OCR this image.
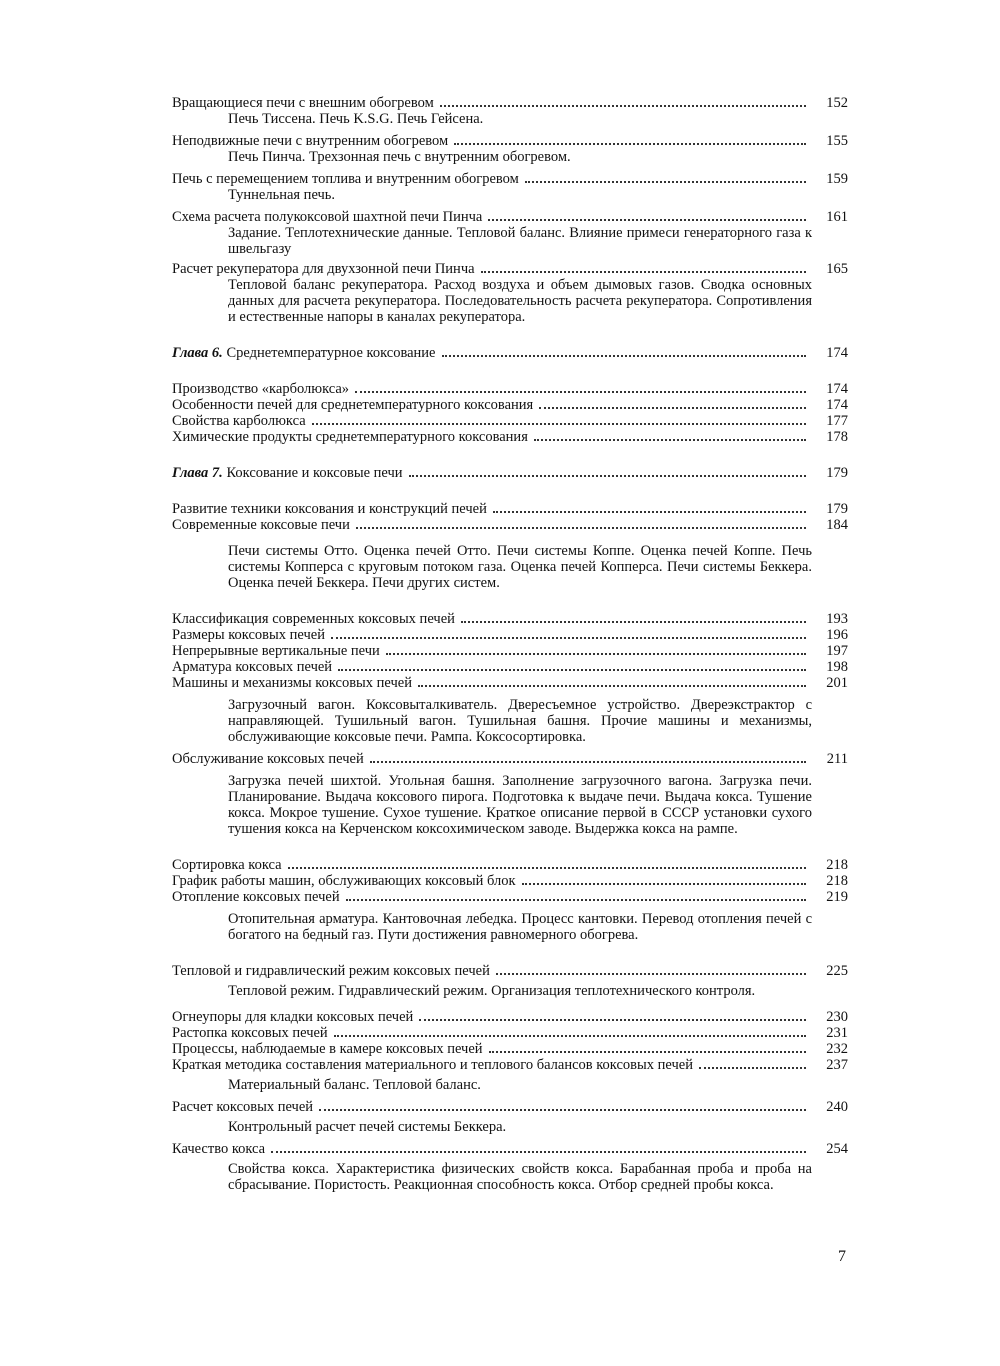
Вращающиеся печи с внешним обогревом	152
Печь Тиссена. Печь K.S.G. Печь Гейсена.
Неподвижные печи с внутренним обогревом	155
Печь Пинча. Трехзонная печь с внутренним обогревом.
Печь с перемещением топлива и внутренним обогревом	159
Туннельная печь.
Схема расчета полукоксовой шахтной печи Пинча	161
Задание. Теплотехнические данные. Тепловой баланс. Влияние примеси генераторного газа к швельгазу
Расчет рекуператора для двухзонной печи Пинча	165
Тепловой баланс рекуператора. Расход воздуха и объем дымовых газов. Сводка основных данных для расчета рекуператора. Последовательность расчета рекуператора. Сопротивления и естественные напоры в каналах рекуператора.
Глава 6. Среднетемпературное коксование	174
Производство «карболюкса»	174
Особенности печей для среднетемпературного коксования	174
Свойства карболюкса	177
Химические продукты среднетемпературного коксования	178
Глава 7. Коксование и коксовые печи	179
Развитие техники коксования и конструкций печей	179
Современные коксовые печи	184
Печи системы Отто. Оценка печей Отто. Печи системы Коппе. Оценка печей Коппе. Печь системы Копперса с круговым потоком газа. Оценка печей Копперса. Печи системы Беккера. Оценка печей Беккера. Печи других систем.
Классификация современных коксовых печей	193
Размеры коксовых печей	196
Непрерывные вертикальные печи	197
Арматура коксовых печей	198
Машины и механизмы коксовых печей	201
Загрузочный вагон. Коксовыталкиватель. Двересъемное устройство. Двереэкстрактор с направляющей. Тушильный вагон. Тушильная башня. Прочие машины и механизмы, обслуживающие коксовые печи. Рампа. Коксосортировка.
Обслуживание коксовых печей	211
Загрузка печей шихтой. Угольная башня. Заполнение загрузочного вагона. Загрузка печи. Планирование. Выдача коксового пирога. Подготовка к выдаче печи. Выдача кокса. Тушение кокса. Мокрое тушение. Сухое тушение. Краткое описание первой в СССР установки сухого тушения кокса на Керченском коксохимическом заводе. Выдержка кокса на рампе.
Сортировка кокса	218
График работы машин, обслуживающих коксовый блок	218
Отопление коксовых печей	219
Отопительная арматура. Кантовочная лебедка. Процесс кантовки. Перевод отопления печей с богатого на бедный газ. Пути достижения равномерного обогрева.
Тепловой и гидравлический режим коксовых печей	225
Тепловой режим. Гидравлический режим. Организация теплотехнического контроля.
Огнеупоры для кладки коксовых печей	230
Растопка коксовых печей	231
Процессы, наблюдаемые в камере коксовых печей	232
Краткая методика составления материального и теплового балансов коксовых печей	237
Материальный баланс. Тепловой баланс.
Расчет коксовых печей	240
Контрольный расчет печей системы Беккера.
Качество кокса	254
Свойства кокса. Характеристика физических свойств кокса. Барабанная проба и проба на сбрасывание. Пористость. Реакционная способность кокса. Отбор средней пробы кокса.
7
